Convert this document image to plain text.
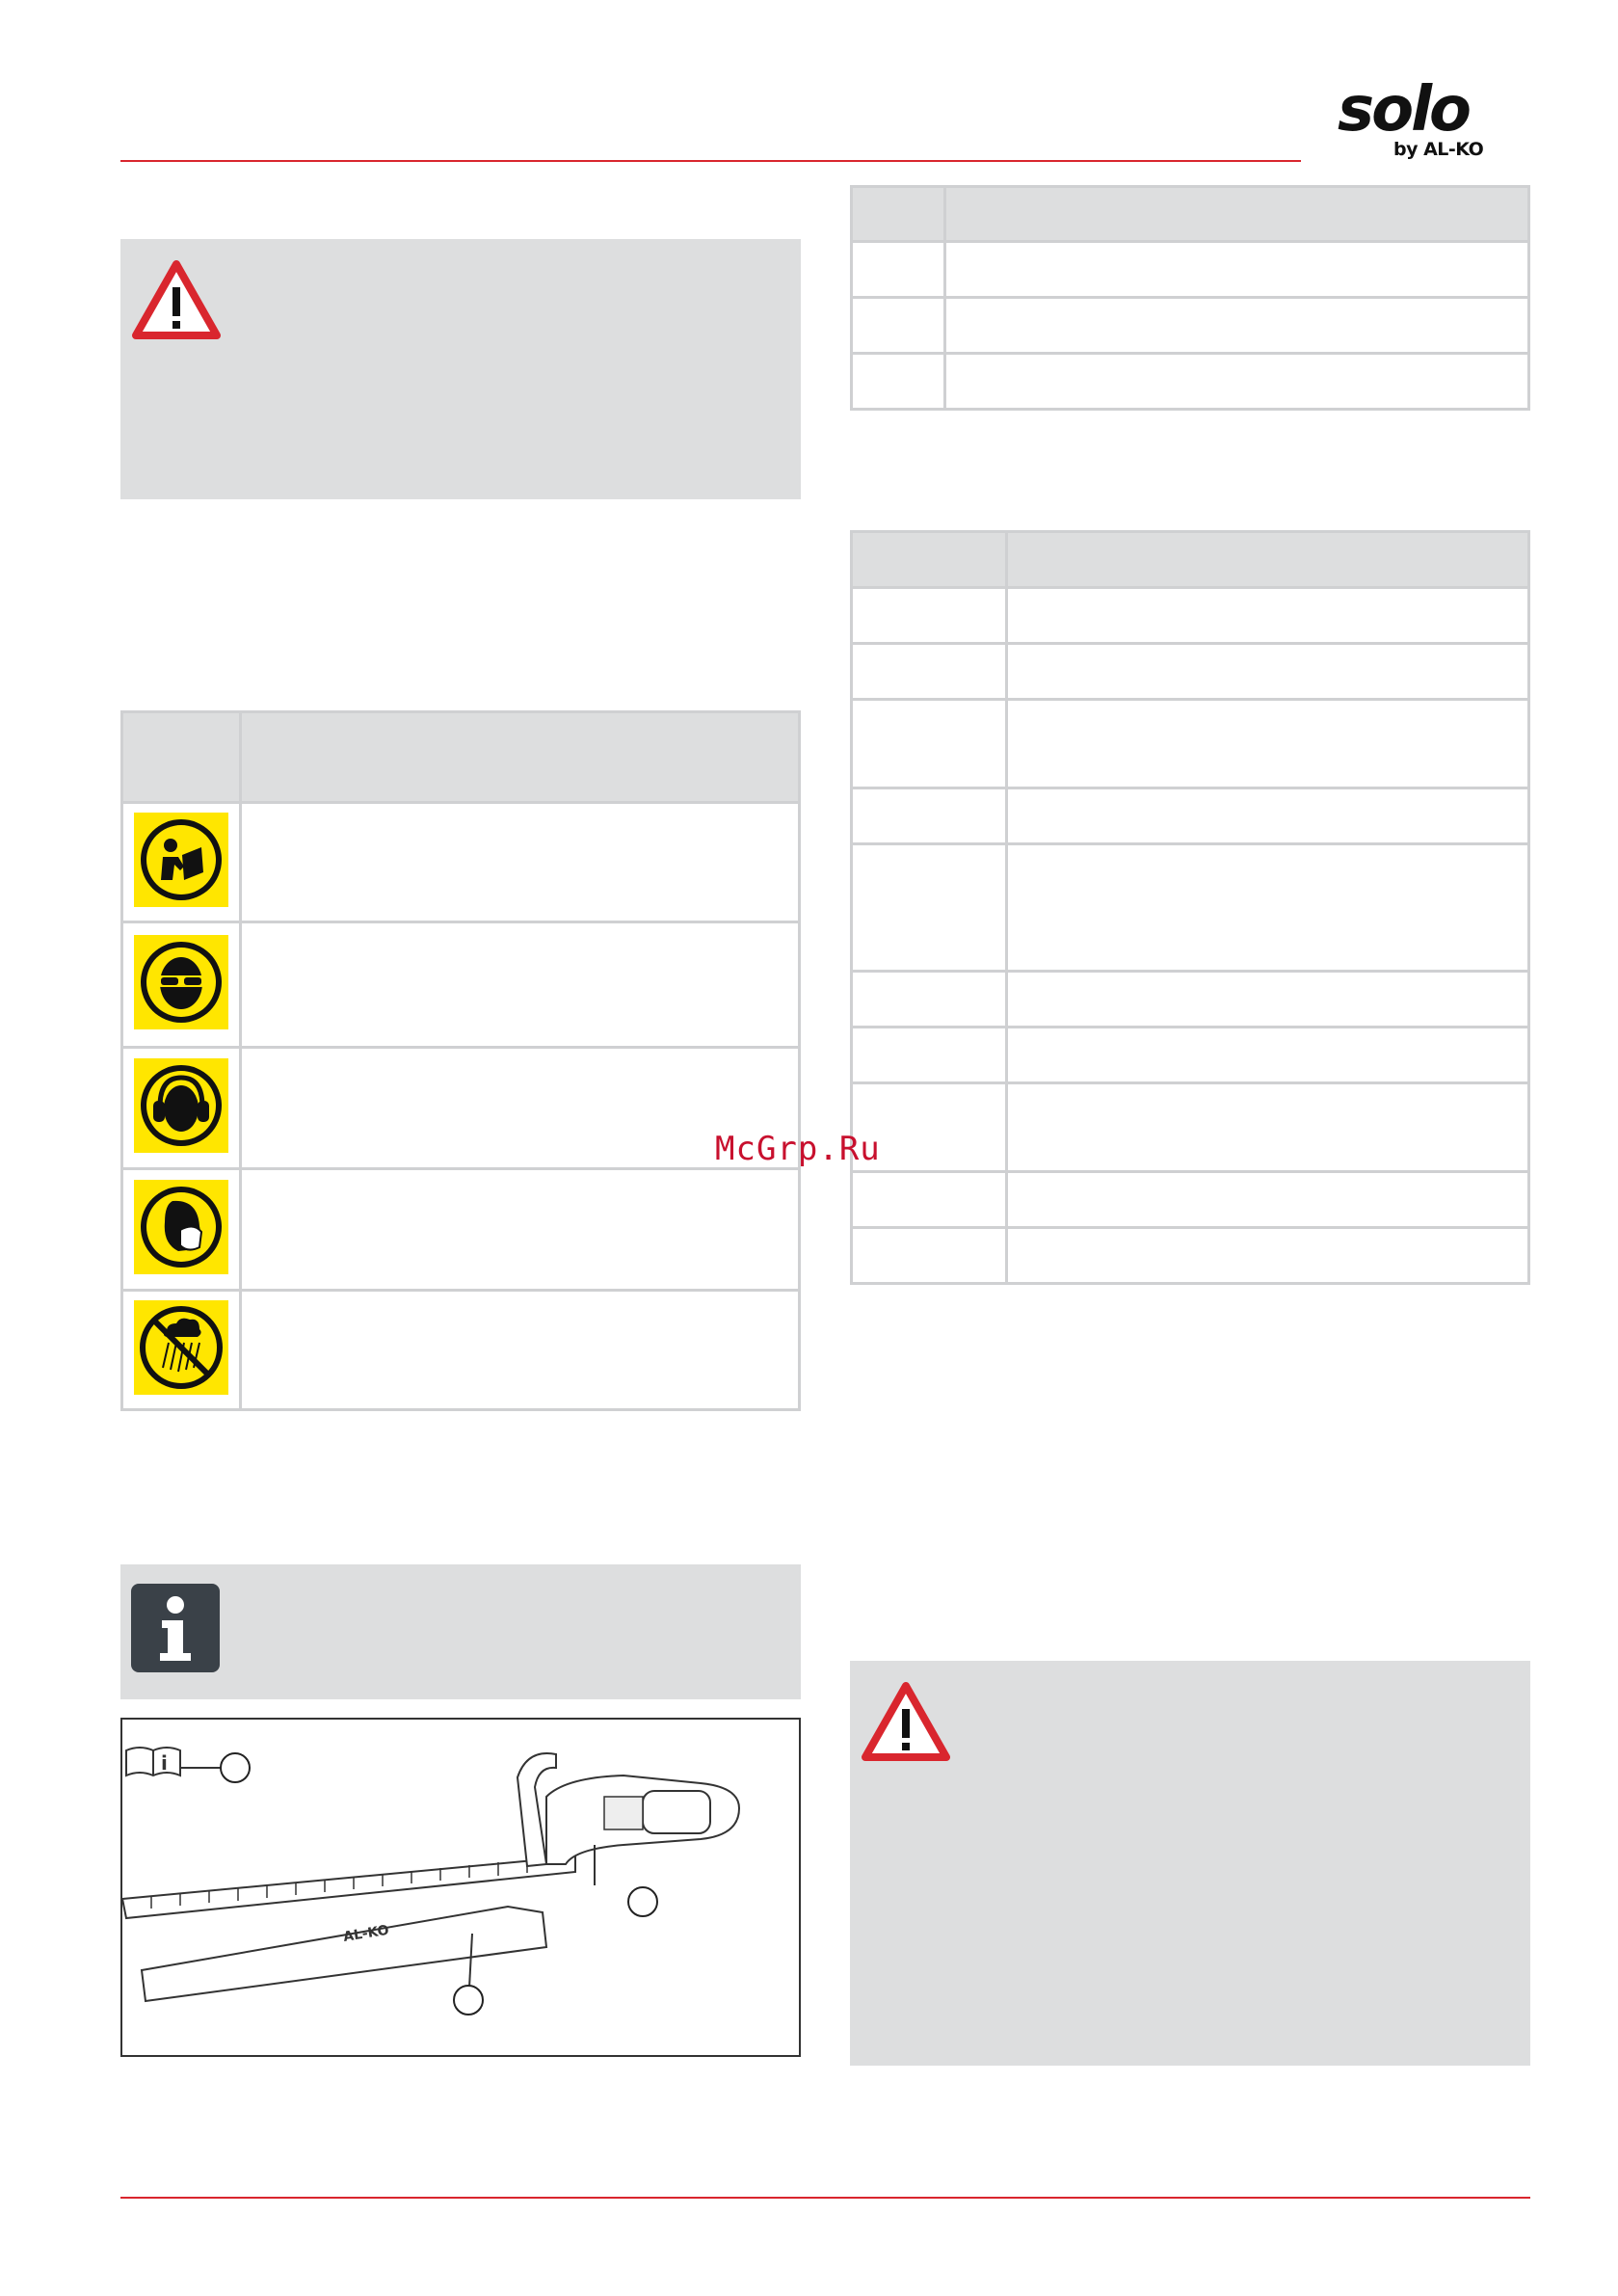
solo
by AL-KO

i
AL-KO

McGrp.Ru
